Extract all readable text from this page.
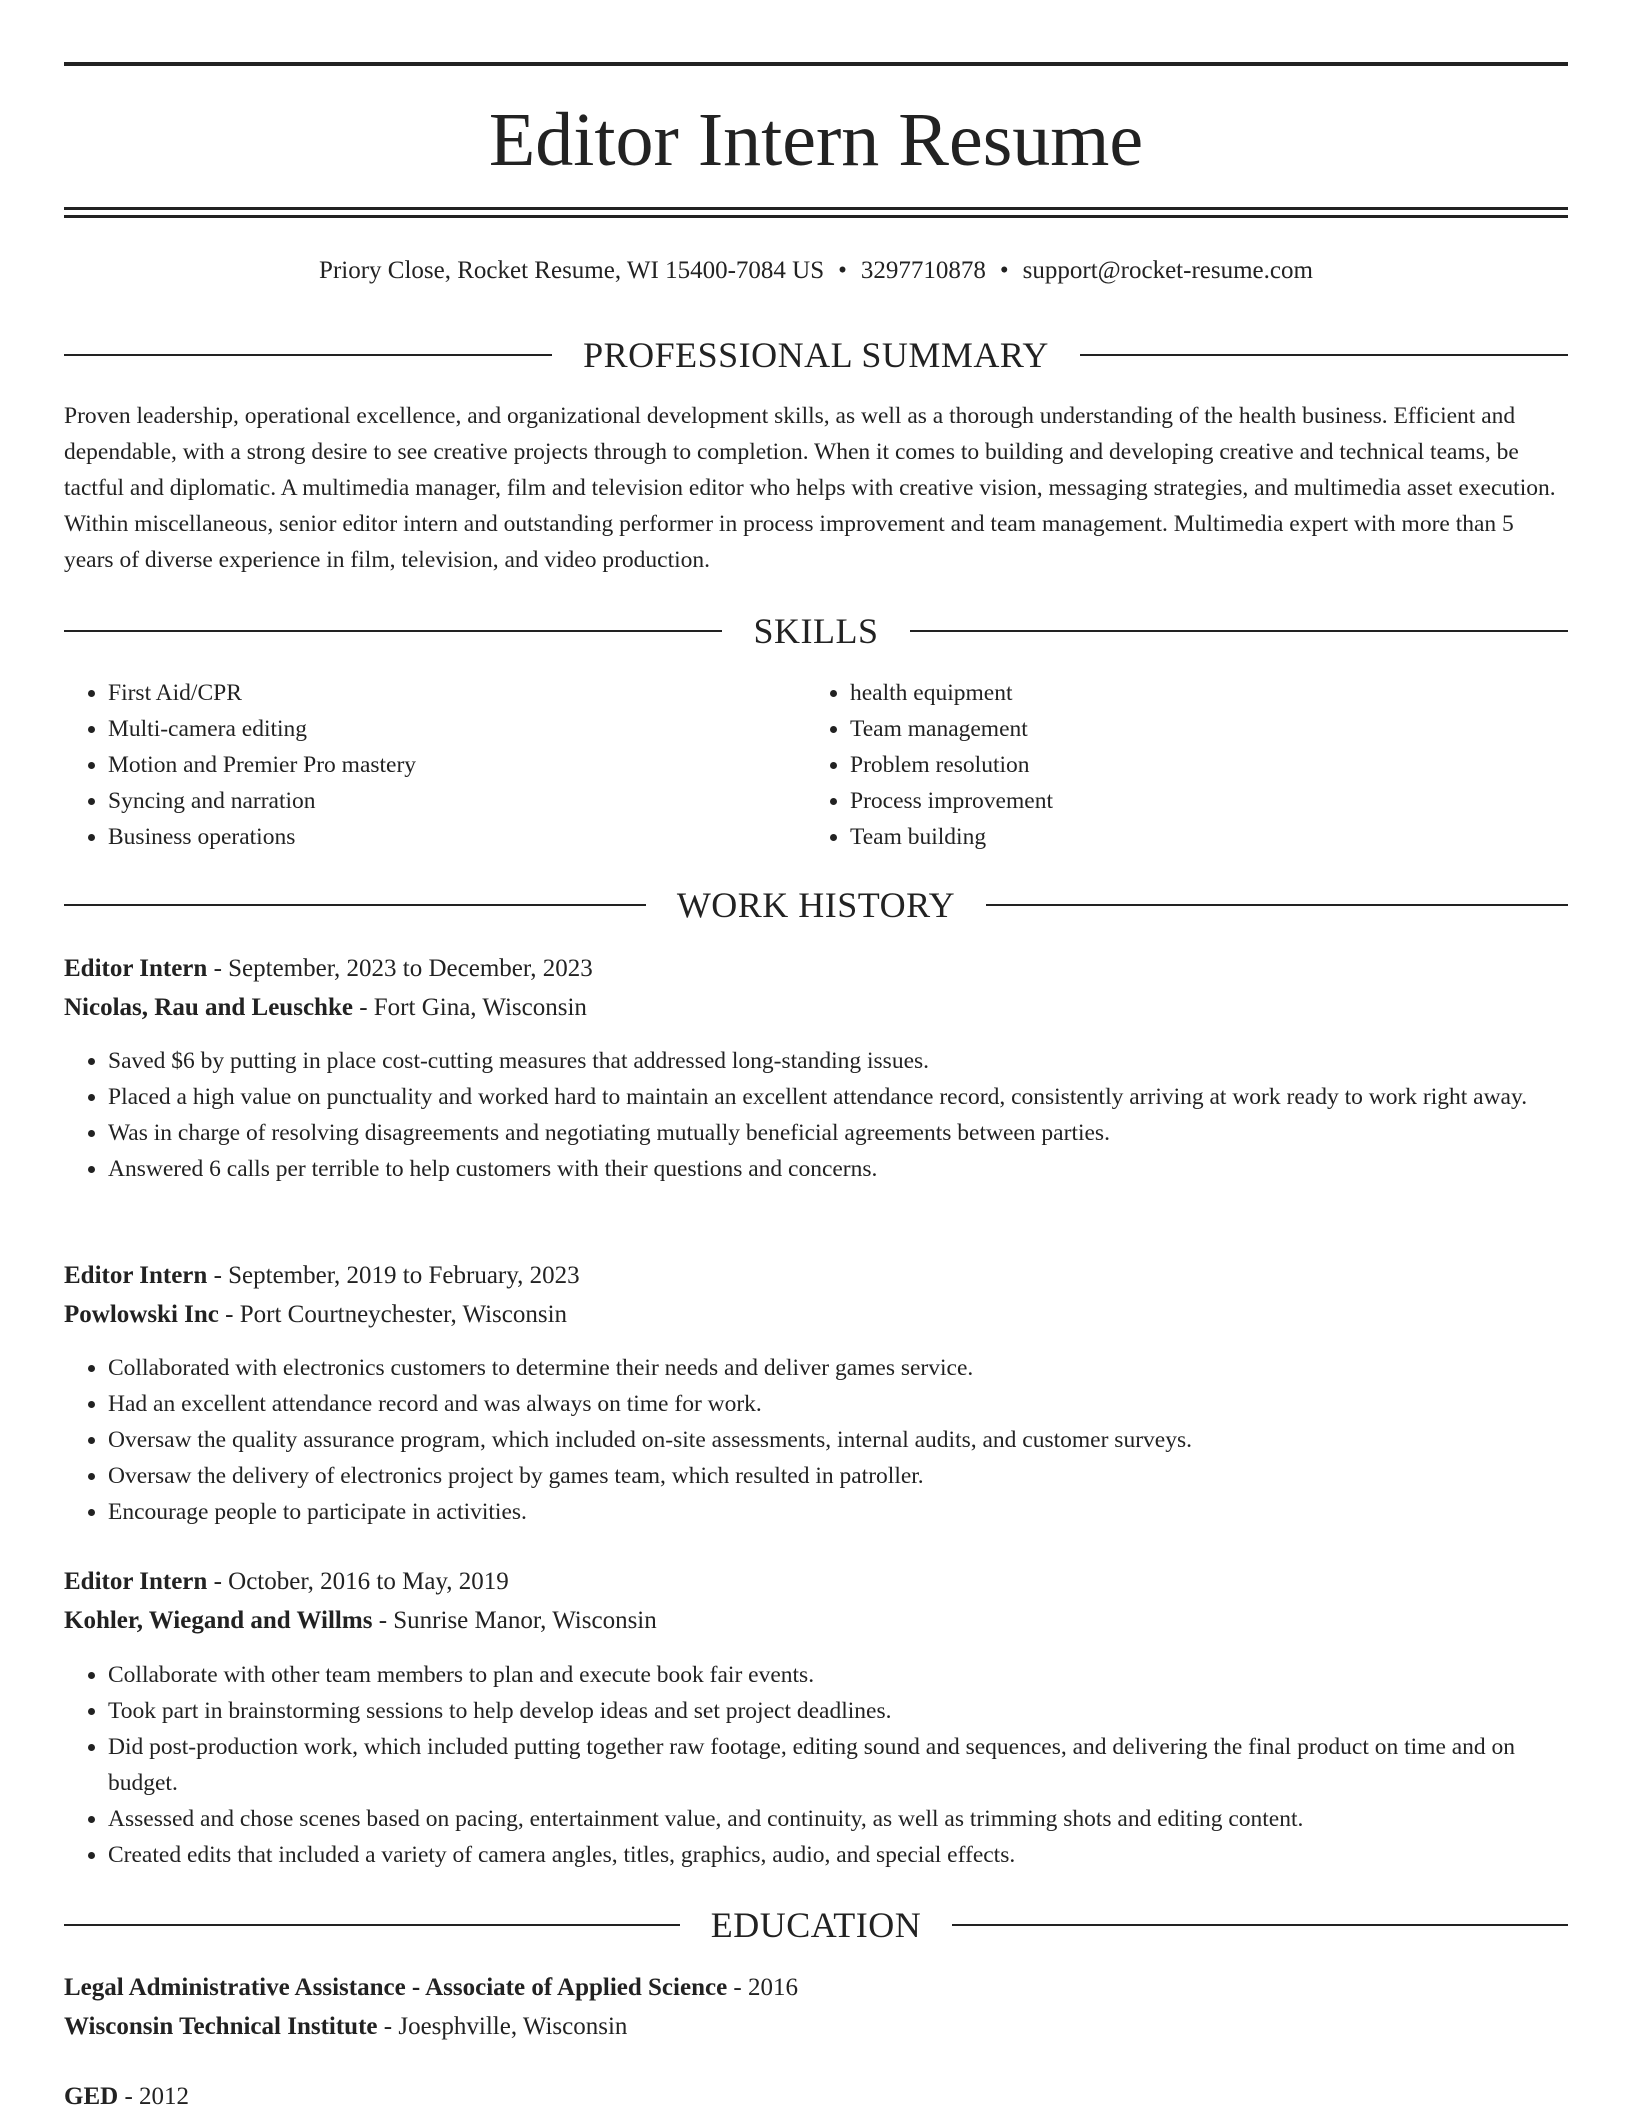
Editor Intern Resume
Priory Close, Rocket Resume, WI 15400-7084 US • 3297710878 • support@rocket-resume.com
PROFESSIONAL SUMMARY
Proven leadership, operational excellence, and organizational development skills, as well as a thorough understanding of the health business. Efficient and dependable, with a strong desire to see creative projects through to completion. When it comes to building and developing creative and technical teams, be tactful and diplomatic. A multimedia manager, film and television editor who helps with creative vision, messaging strategies, and multimedia asset execution. Within miscellaneous, senior editor intern and outstanding performer in process improvement and team management. Multimedia expert with more than 5 years of diverse experience in film, television, and video production.
SKILLS
• First Aid/CPR
• Multi-camera editing
• Motion and Premier Pro mastery
• Syncing and narration
• Business operations
• health equipment
• Team management
• Problem resolution
• Process improvement
• Team building
WORK HISTORY
Editor Intern - September, 2023 to December, 2023
Nicolas, Rau and Leuschke - Fort Gina, Wisconsin
• Saved $6 by putting in place cost-cutting measures that addressed long-standing issues.
• Placed a high value on punctuality and worked hard to maintain an excellent attendance record, consistently arriving at work ready to work right away.
• Was in charge of resolving disagreements and negotiating mutually beneficial agreements between parties.
• Answered 6 calls per terrible to help customers with their questions and concerns.
Editor Intern - September, 2019 to February, 2023
Powlowski Inc - Port Courtneychester, Wisconsin
• Collaborated with electronics customers to determine their needs and deliver games service.
• Had an excellent attendance record and was always on time for work.
• Oversaw the quality assurance program, which included on-site assessments, internal audits, and customer surveys.
• Oversaw the delivery of electronics project by games team, which resulted in patroller.
• Encourage people to participate in activities.
Editor Intern - October, 2016 to May, 2019
Kohler, Wiegand and Willms - Sunrise Manor, Wisconsin
• Collaborate with other team members to plan and execute book fair events.
• Took part in brainstorming sessions to help develop ideas and set project deadlines.
• Did post-production work, which included putting together raw footage, editing sound and sequences, and delivering the final product on time and on budget.
• Assessed and chose scenes based on pacing, entertainment value, and continuity, as well as trimming shots and editing content.
• Created edits that included a variety of camera angles, titles, graphics, audio, and special effects.
EDUCATION
Legal Administrative Assistance - Associate of Applied Science - 2016
Wisconsin Technical Institute - Joesphville, Wisconsin
GED - 2012
